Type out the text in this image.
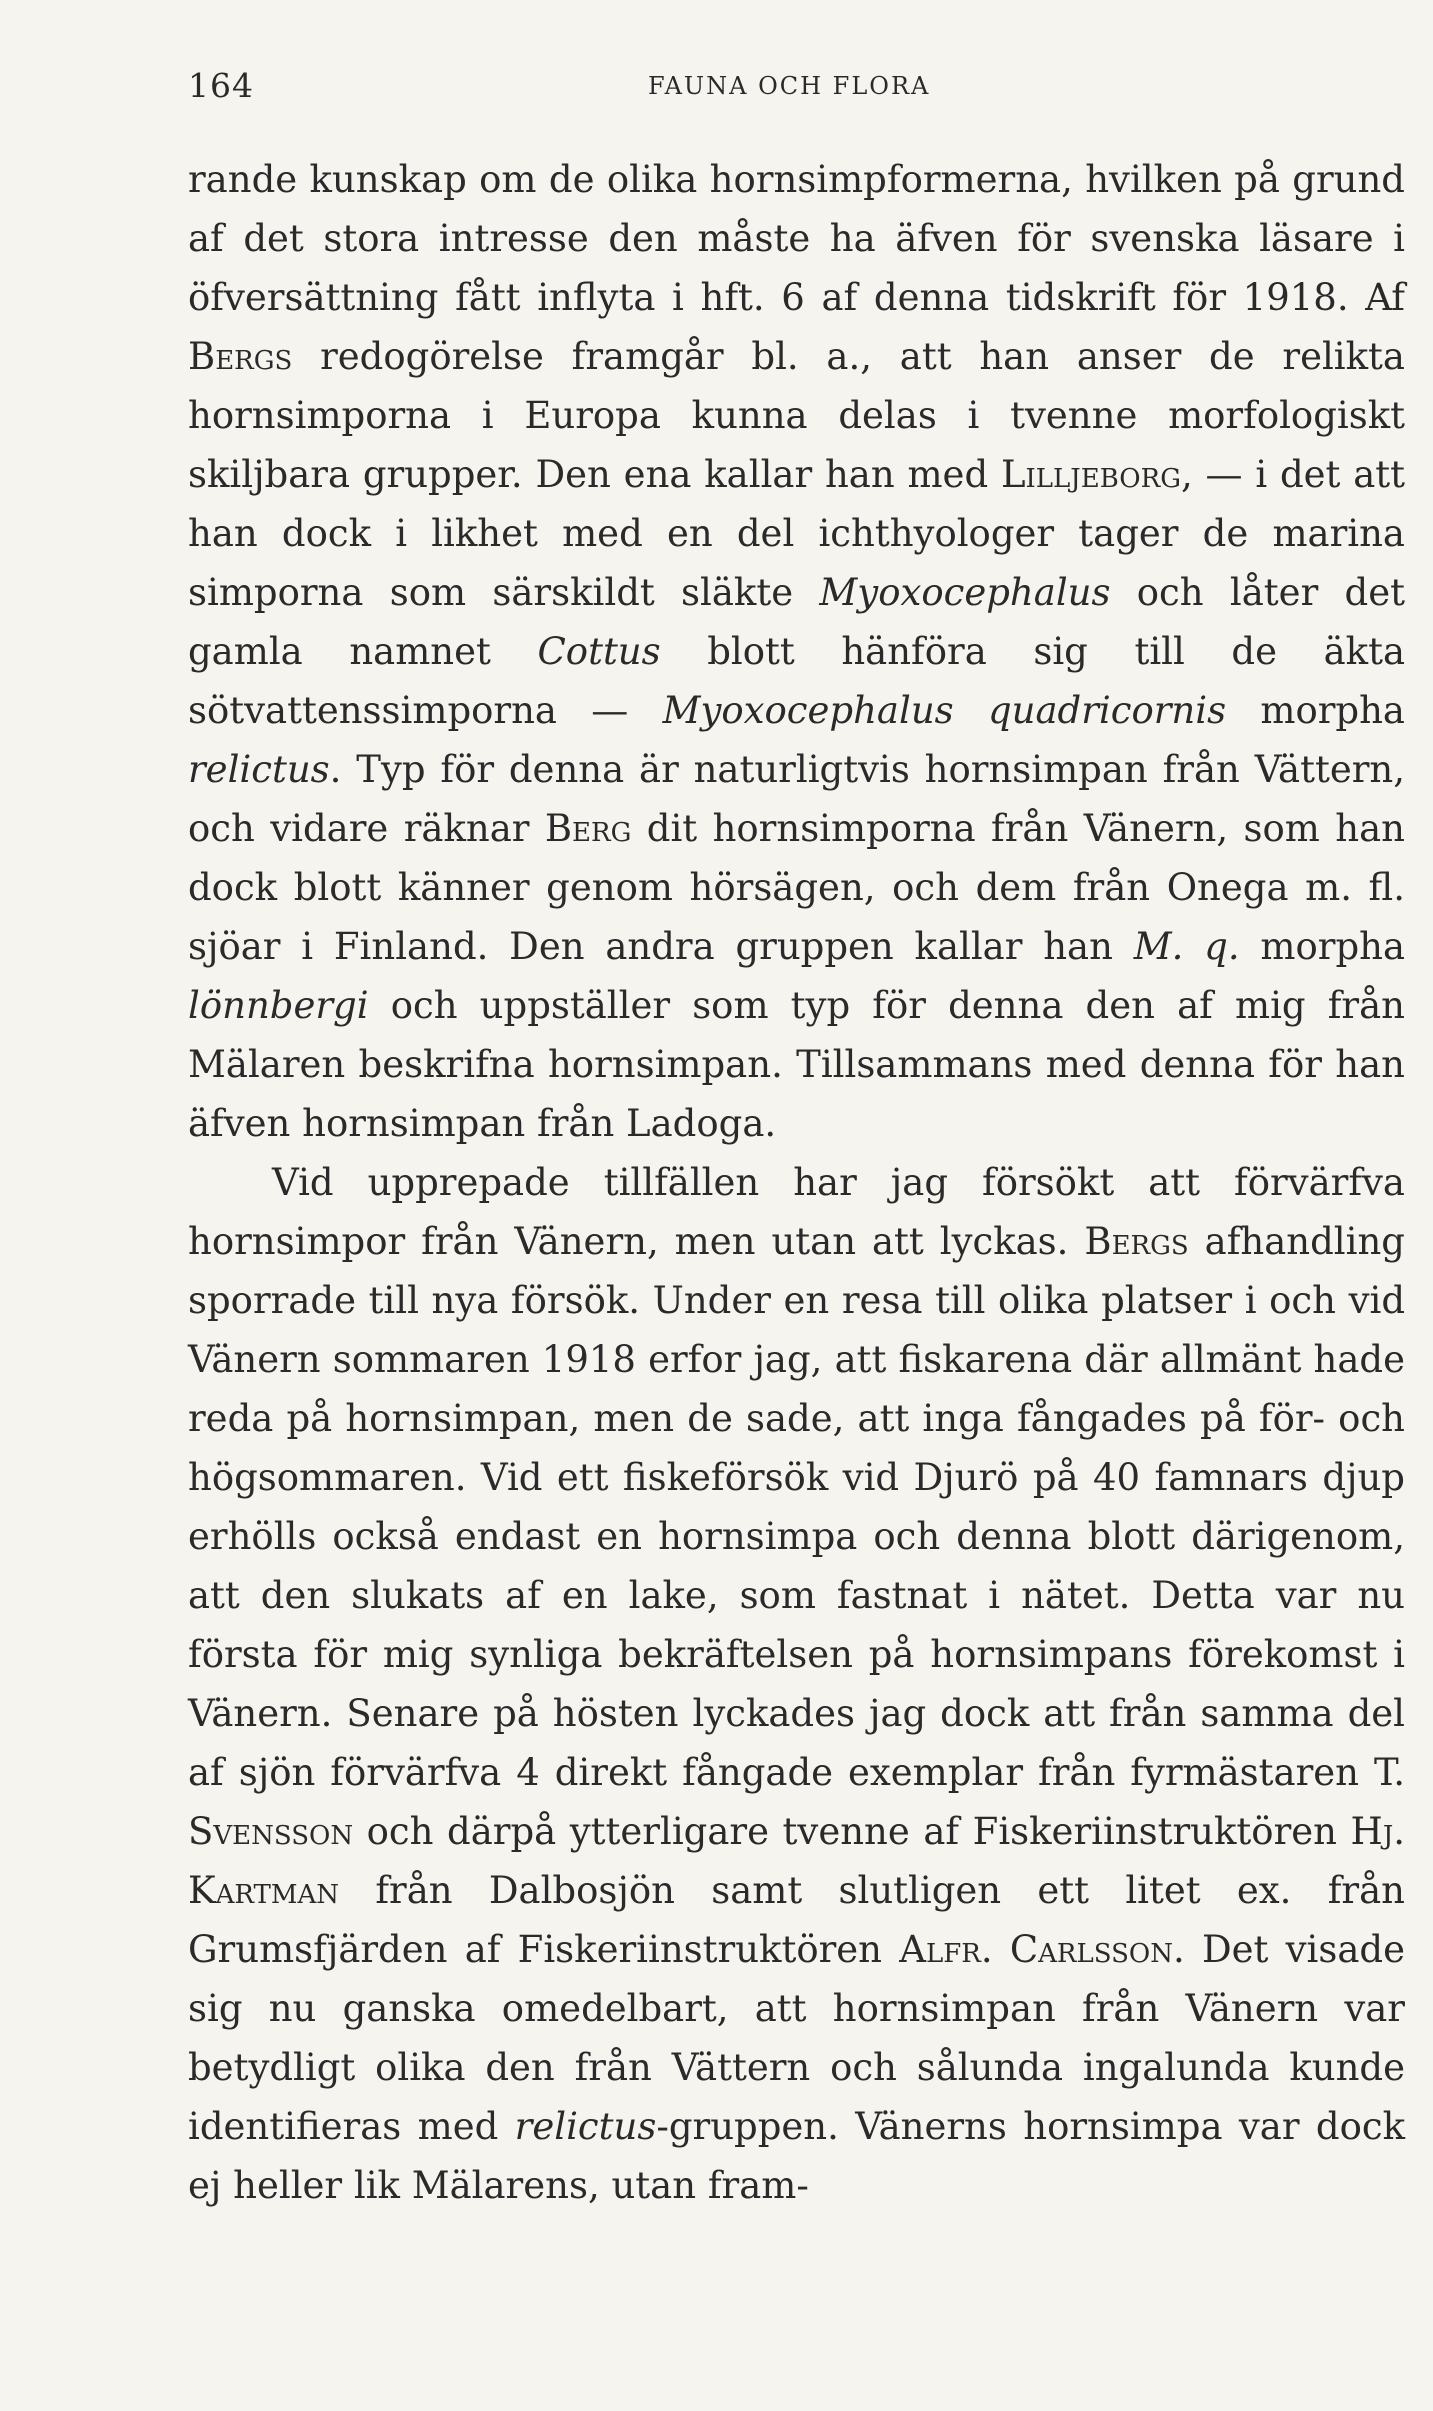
164	FAUNA OCH FLORA

rande kunskap om de olika hornsimpformerna, hvilken på grund af det stora intresse den måste ha äfven för svenska läsare i öfversättning fått inflyta i hft. 6 af denna tidskrift för 1918. Af Bergs redogörelse framgår bl. a., att han anser de relikta hornsimporna i Europa kunna delas i tvenne morfologiskt skiljbara grupper. Den ena kallar han med Lilljeborg, — i det att han dock i likhet med en del ichthyologer tager de marina simporna som särskildt släkte Myoxocephalus och låter det gamla namnet Cottus blott hänföra sig till de äkta sötvattenssimporna — Myoxocephalus quadricornis morpha relictus. Typ för denna är naturligtvis hornsimpan från Vättern, och vidare räknar Berg dit hornsimporna från Vänern, som han dock blott känner genom hörsägen, och dem från Onega m. fl. sjöar i Finland. Den andra gruppen kallar han M. q. morpha lönnbergi och uppställer som typ för denna den af mig från Mälaren beskrifna hornsimpan. Tillsammans med denna för han äfven hornsimpan från Ladoga.

Vid upprepade tillfällen har jag försökt att förvärfva hornsimpor från Vänern, men utan att lyckas. Bergs afhandling sporrade till nya försök. Under en resa till olika platser i och vid Vänern sommaren 1918 erfor jag, att fiskarena där allmänt hade reda på hornsimpan, men de sade, att inga fångades på för- och högsommaren. Vid ett fiskeförsök vid Djurö på 40 famnars djup erhölls också endast en hornsimpa och denna blott därigenom, att den slukats af en lake, som fastnat i nätet. Detta var nu första för mig synliga bekräftelsen på hornsimpans förekomst i Vänern. Senare på hösten lyckades jag dock att från samma del af sjön förvärfva 4 direkt fångade exemplar från fyrmästaren T. Svensson och därpå ytterligare tvenne af Fiskeriinstruktören Hj. Kartman från Dalbosjön samt slutligen ett litet ex. från Grumsfjärden af Fiskeriinstruktören Alfr. Carlsson. Det visade sig nu ganska omedelbart, att hornsimpan från Vänern var betydligt olika den från Vättern och sålunda ingalunda kunde identifieras med relictus-gruppen. Vänerns hornsimpa var dock ej heller lik Mälarens, utan fram-
